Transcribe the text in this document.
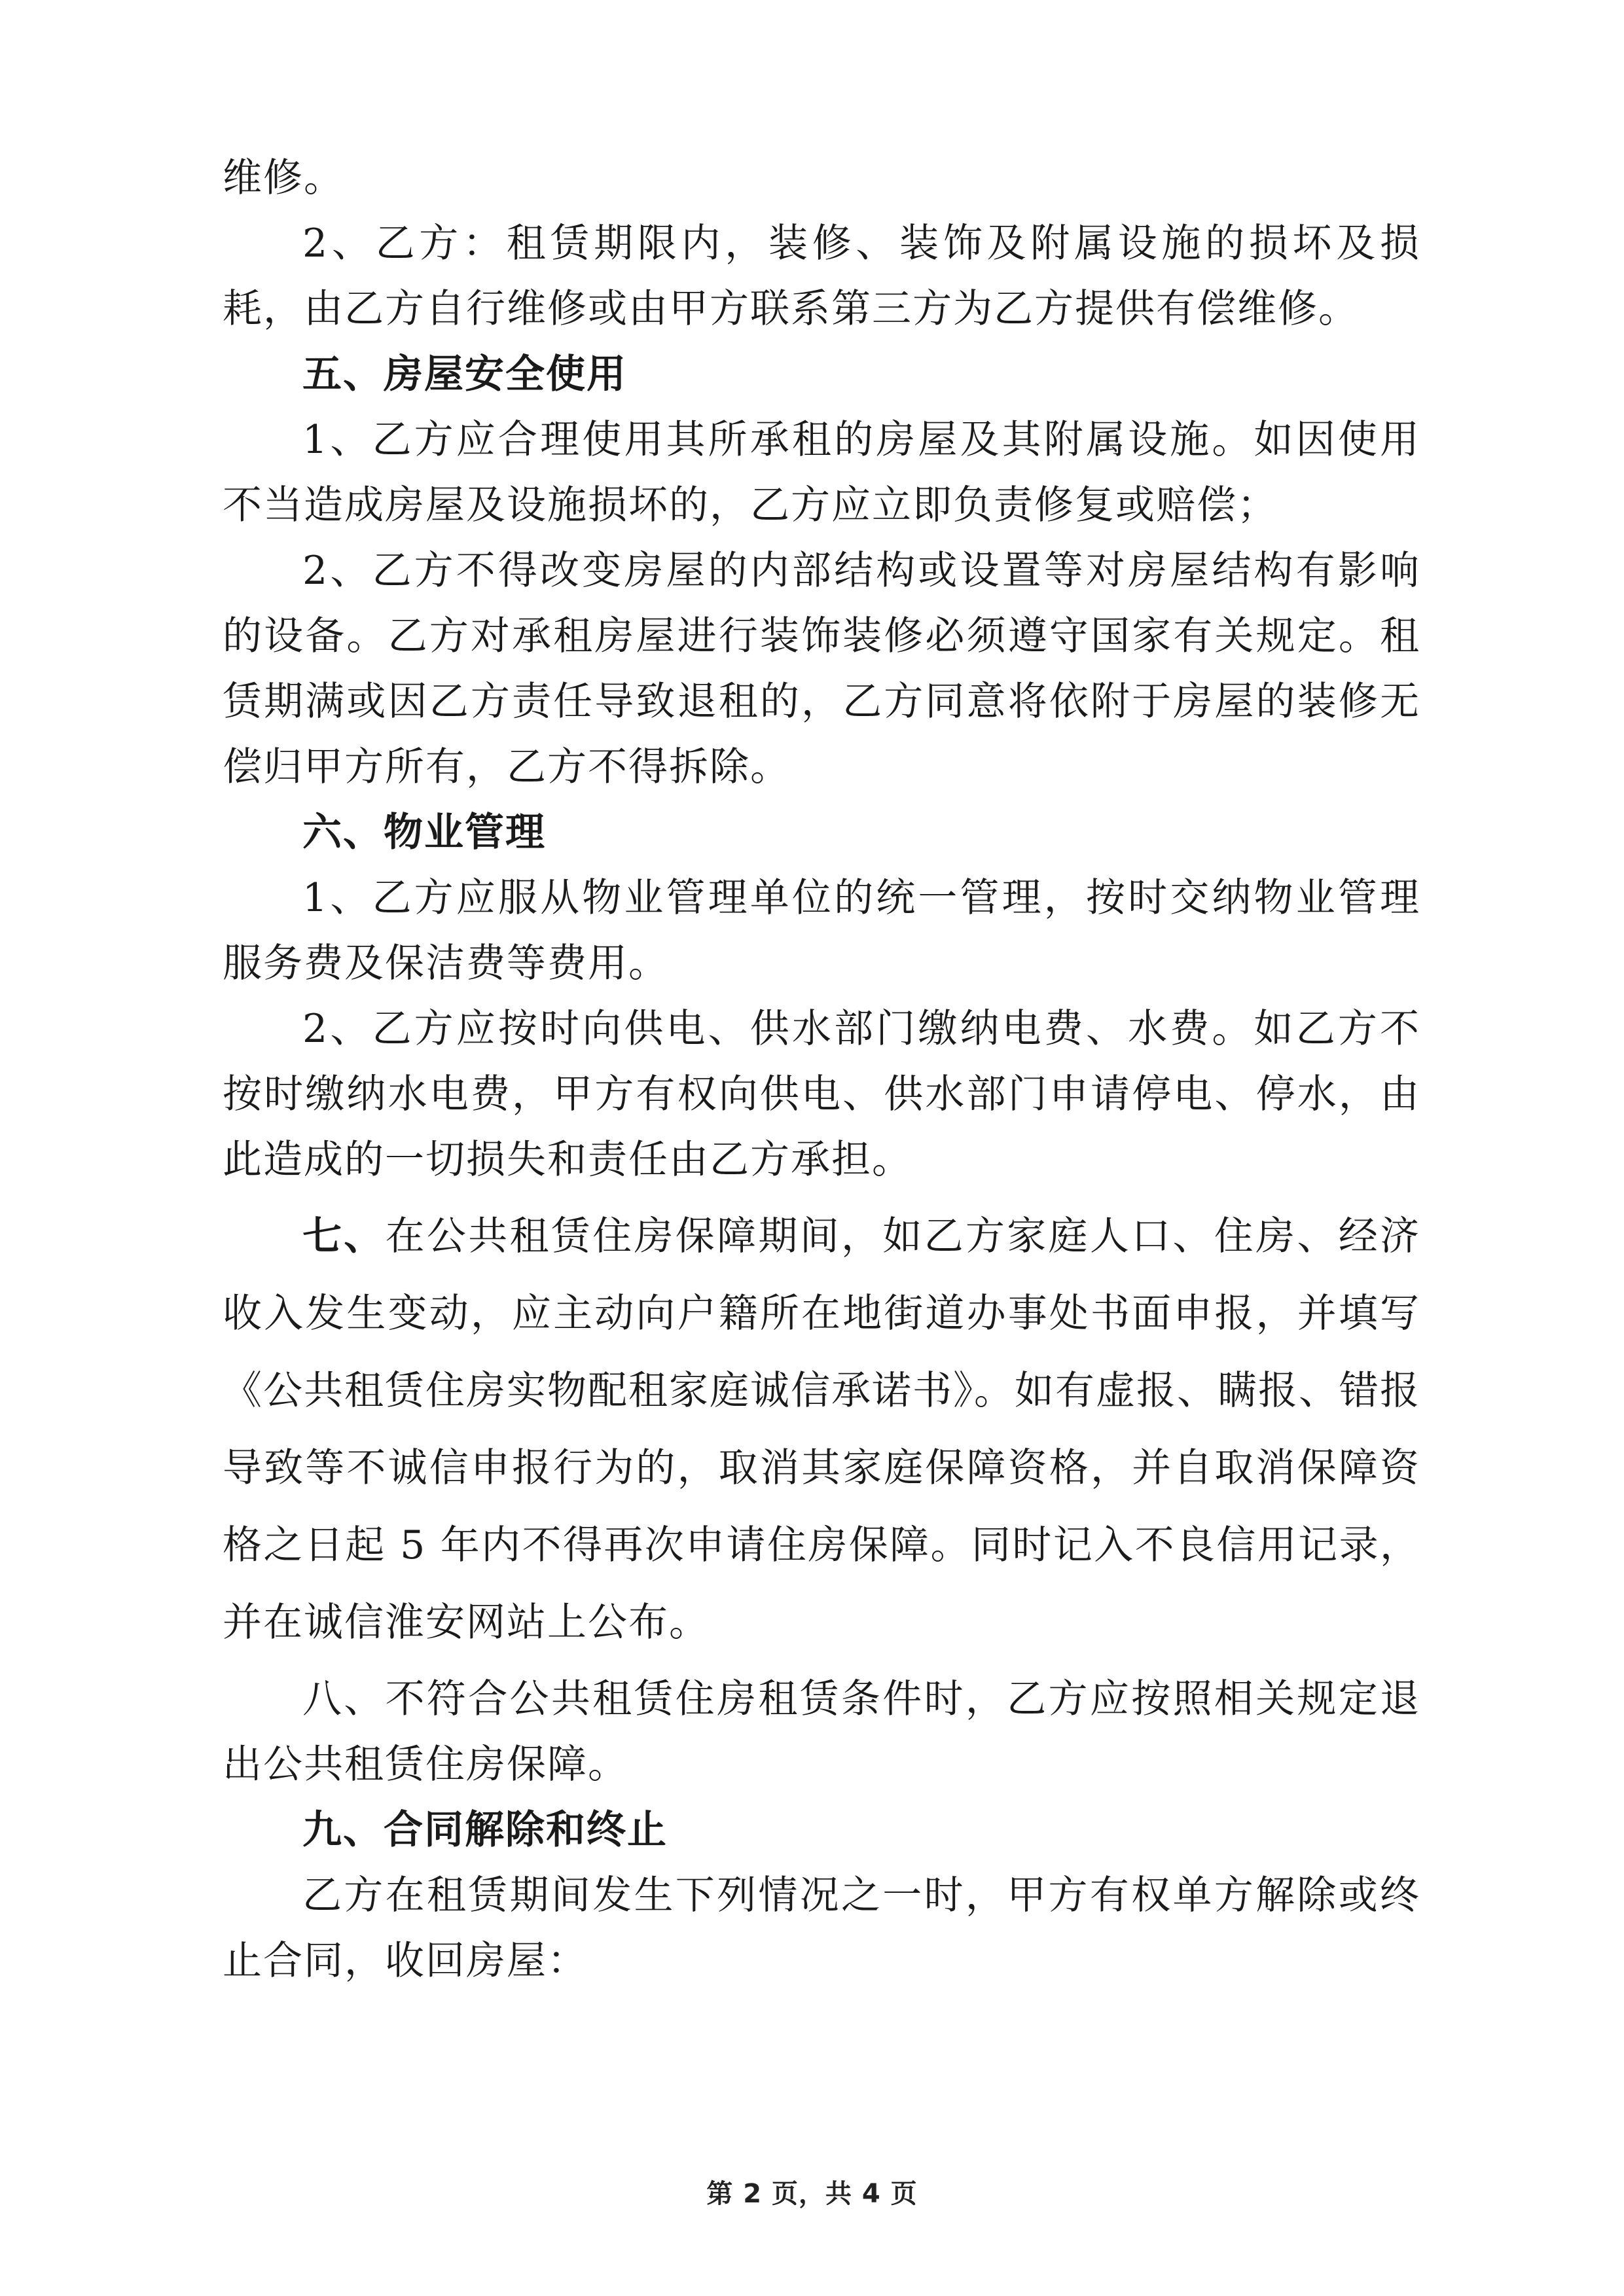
维修。

2、乙方：租赁期限内，装修、装饰及附属设施的损坏及损耗，由乙方自行维修或由甲方联系第三方为乙方提供有偿维修。

五、房屋安全使用

1、乙方应合理使用其所承租的房屋及其附属设施。如因使用不当造成房屋及设施损坏的，乙方应立即负责修复或赔偿；

2、乙方不得改变房屋的内部结构或设置等对房屋结构有影响的设备。乙方对承租房屋进行装饰装修必须遵守国家有关规定。租赁期满或因乙方责任导致退租的，乙方同意将依附于房屋的装修无偿归甲方所有，乙方不得拆除。

六、物业管理

1、乙方应服从物业管理单位的统一管理，按时交纳物业管理服务费及保洁费等费用。

2、乙方应按时向供电、供水部门缴纳电费、水费。如乙方不按时缴纳水电费，甲方有权向供电、供水部门申请停电、停水，由此造成的一切损失和责任由乙方承担。

七、在公共租赁住房保障期间，如乙方家庭人口、住房、经济收入发生变动，应主动向户籍所在地街道办事处书面申报，并填写《公共租赁住房实物配租家庭诚信承诺书》。如有虚报、瞒报、错报导致等不诚信申报行为的，取消其家庭保障资格，并自取消保障资格之日起 5 年内不得再次申请住房保障。同时记入不良信用记录，并在诚信淮安网站上公布。

八、不符合公共租赁住房租赁条件时，乙方应按照相关规定退出公共租赁住房保障。

九、合同解除和终止

乙方在租赁期间发生下列情况之一时，甲方有权单方解除或终止合同，收回房屋：

第 2 页，共 4 页
